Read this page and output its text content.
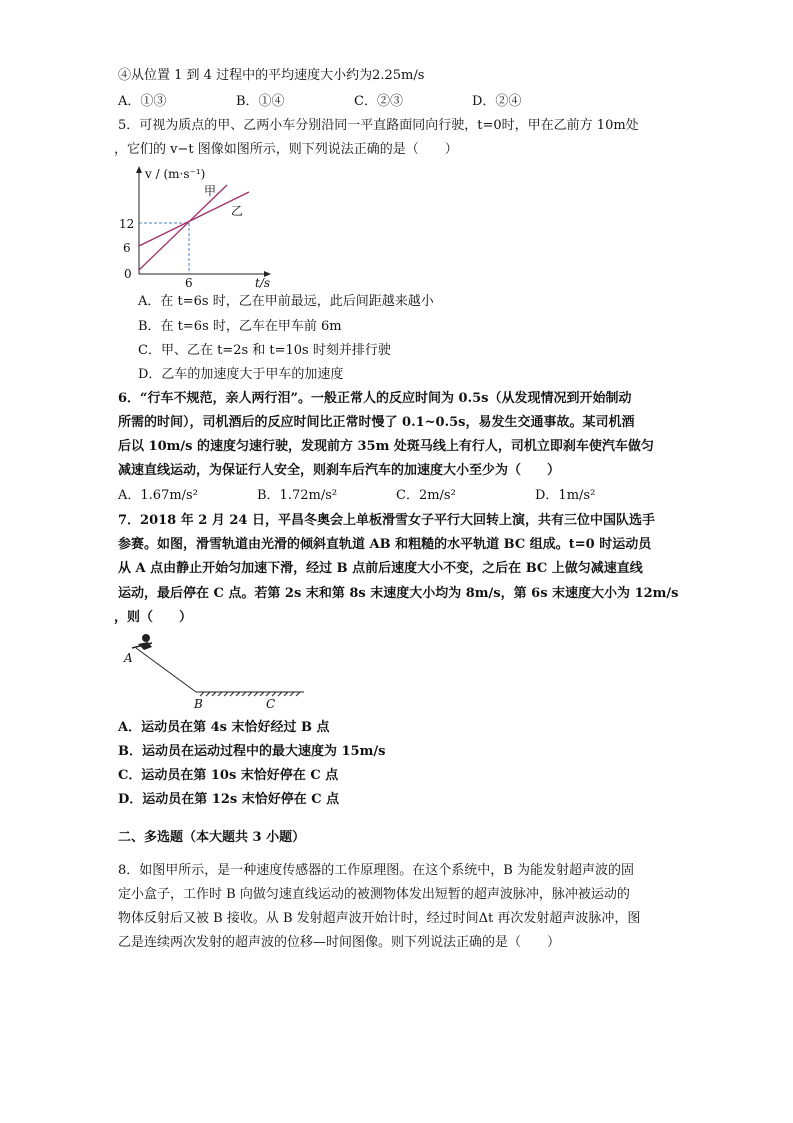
④从位置 1 到 4 过程中的平均速度大小约为2.25m/s
A．①③	B．①④	C．②③	D．②④
5．可视为质点的甲、乙两小车分别沿同一平直路面同向行驶，t=0时，甲在乙前方 10m处
，它们的 v−t 图像如图所示，则下列说法正确的是（　　）
v / (m·s⁻¹)
甲
乙
12
6
0
6	t/s
A．在 t=6s 时，乙在甲前最远，此后间距越来越小
B．在 t=6s 时，乙车在甲车前 6m
C．甲、乙在 t=2s 和 t=10s 时刻并排行驶
D．乙车的加速度大于甲车的加速度
6．“行车不规范，亲人两行泪”。一般正常人的反应时间为 0.5s（从发现情况到开始制动
所需的时间），司机酒后的反应时间比正常时慢了 0.1~0.5s，易发生交通事故。某司机酒
后以 10m/s 的速度匀速行驶，发现前方 35m 处斑马线上有行人，司机立即刹车使汽车做匀
减速直线运动，为保证行人安全，则刹车后汽车的加速度大小至少为（　　）
A．1.67m/s²	B．1.72m/s²	C．2m/s²	D．1m/s²
7．2018 年 2 月 24 日，平昌冬奥会上单板滑雪女子平行大回转上演，共有三位中国队选手
参赛。如图，滑雪轨道由光滑的倾斜直轨道 AB 和粗糙的水平轨道 BC 组成。t=0 时运动员
从 A 点由静止开始匀加速下滑，经过 B 点前后速度大小不变，之后在 BC 上做匀减速直线
运动，最后停在 C 点。若第 2s 末和第 8s 末速度大小均为 8m/s，第 6s 末速度大小为 12m/s
，则（　　）
A
B	C
A．运动员在第 4s 末恰好经过 B 点
B．运动员在运动过程中的最大速度为 15m/s
C．运动员在第 10s 末恰好停在 C 点
D．运动员在第 12s 末恰好停在 C 点
二、多选题（本大题共 3 小题）
8．如图甲所示，是一种速度传感器的工作原理图。在这个系统中，B 为能发射超声波的固
定小盒子，工作时 B 向做匀速直线运动的被测物体发出短暂的超声波脉冲，脉冲被运动的
物体反射后又被 B 接收。从 B 发射超声波开始计时，经过时间Δt 再次发射超声波脉冲，图
乙是连续两次发射的超声波的位移—时间图像。则下列说法正确的是（　　）
